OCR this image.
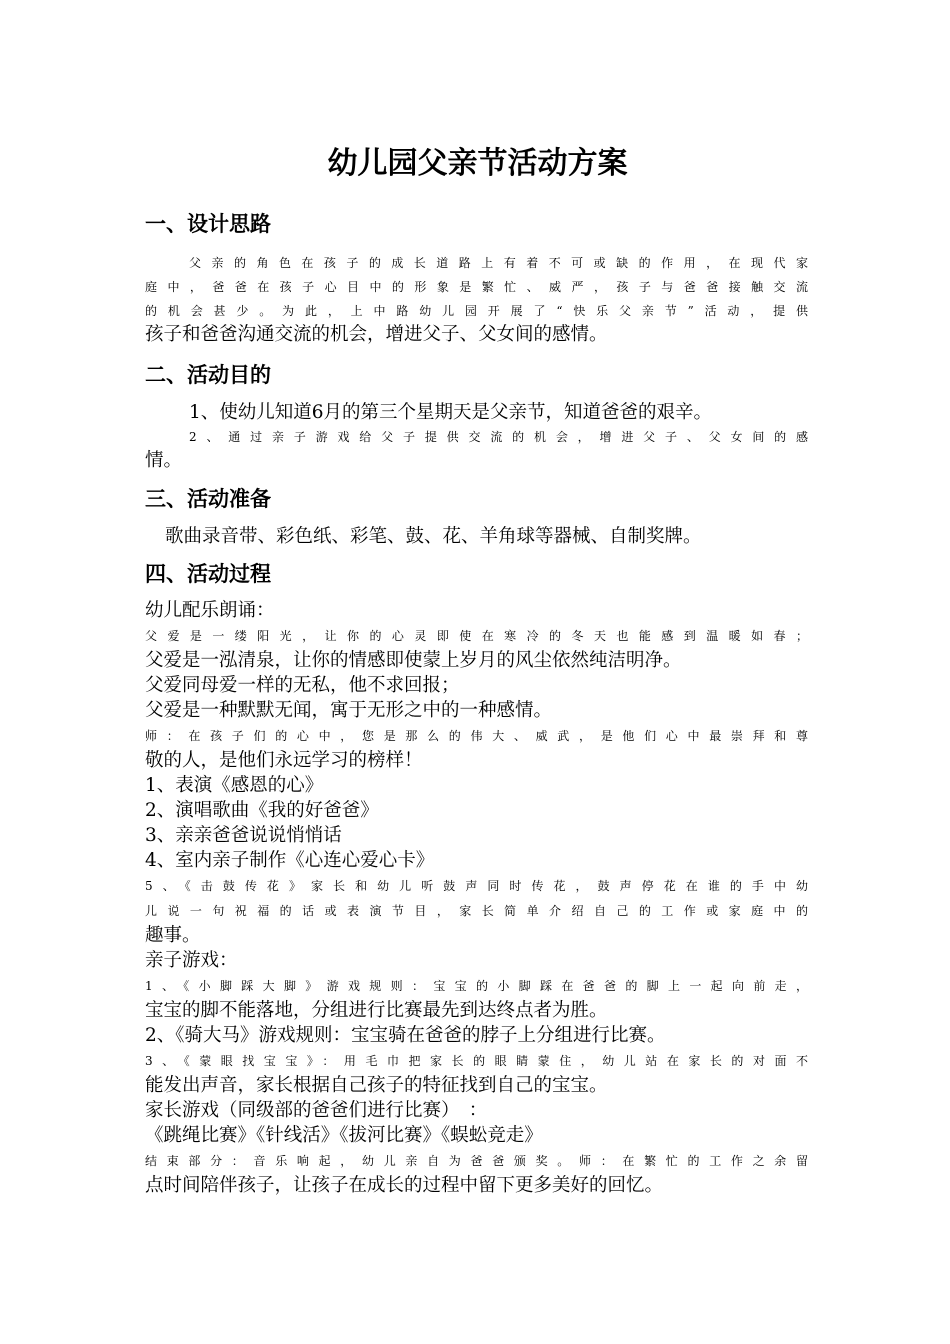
幼儿园父亲节活动方案
一、设计思路

父亲的角色在孩子的成长道路上有着不可或缺的作用，在现代家

庭中，爸爸在孩子心目中的形象是繁忙、威严，孩子与爸爸接触交流

的机会甚少。为此，上中路幼儿园开展了“快乐父亲节”活动，提供

孩子和爸爸沟通交流的机会，增进父子、父女间的感情。

二、活动目的

1、使幼儿知道6月的第三个星期天是父亲节，知道爸爸的艰辛。

2、通过亲子游戏给父子提供交流的机会，增进父子、父女间的感

情。

三、活动准备

歌曲录音带、彩色纸、彩笔、鼓、花、羊角球等器械、自制奖牌。

四、活动过程

幼儿配乐朗诵：

父爱是一缕阳光，让你的心灵即使在寒冷的冬天也能感到温暖如春；

父爱是一泓清泉，让你的情感即使蒙上岁月的风尘依然纯洁明净。

父爱同母爱一样的无私，他不求回报；

父爱是一种默默无闻，寓于无形之中的一种感情。

师：在孩子们的心中，您是那么的伟大、威武，是他们心中最崇拜和尊

敬的人，是他们永远学习的榜样！

1、表演《感恩的心》

2、演唱歌曲《我的好爸爸》

3、亲亲爸爸说说悄悄话

4、室内亲子制作《心连心爱心卡》

5、《击鼓传花》家长和幼儿听鼓声同时传花，鼓声停花在谁的手中幼

儿说一句祝福的话或表演节目，家长简单介绍自己的工作或家庭中的

趣事。

亲子游戏：

1、《小脚踩大脚》游戏规则：宝宝的小脚踩在爸爸的脚上一起向前走，

宝宝的脚不能落地，分组进行比赛最先到达终点者为胜。

2、《骑大马》游戏规则：宝宝骑在爸爸的脖子上分组进行比赛。

3、《蒙眼找宝宝》：用毛巾把家长的眼睛蒙住，幼儿站在家长的对面不

能发出声音，家长根据自己孩子的特征找到自己的宝宝。

家长游戏（同级部的爸爸们进行比赛）　：

《跳绳比赛》《针线活》《拔河比赛》《蜈蚣竞走》

结束部分：音乐响起，幼儿亲自为爸爸颁奖。师：在繁忙的工作之余留

点时间陪伴孩子，让孩子在成长的过程中留下更多美好的回忆。
